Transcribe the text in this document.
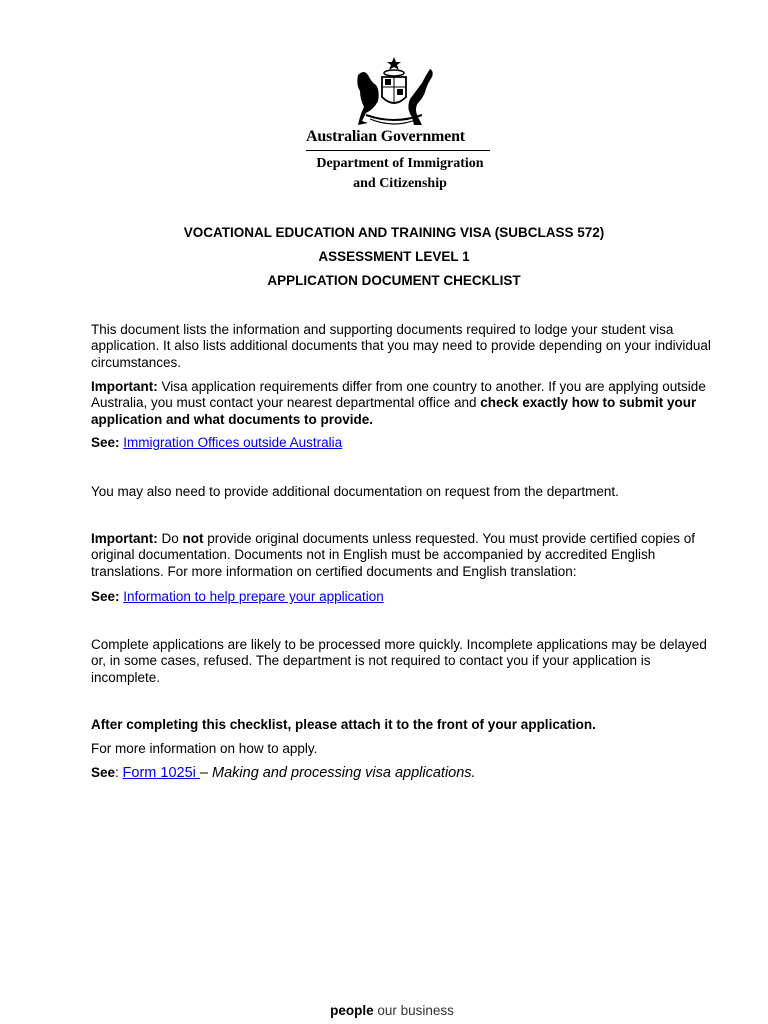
Australian Government
Department of Immigration
and Citizenship
VOCATIONAL EDUCATION AND TRAINING VISA (SUBCLASS 572)
ASSESSMENT LEVEL 1
APPLICATION DOCUMENT CHECKLIST
This document lists the information and supporting documents required to lodge your student visa application. It also lists additional documents that you may need to provide depending on your individual circumstances.
Important: Visa application requirements differ from one country to another. If you are applying outside Australia, you must contact your nearest departmental office and check exactly how to submit your application and what documents to provide.
See: Immigration Offices outside Australia
You may also need to provide additional documentation on request from the department.
Important: Do not provide original documents unless requested. You must provide certified copies of original documentation. Documents not in English must be accompanied by accredited English translations. For more information on certified documents and English translation:
See: Information to help prepare your application
Complete applications are likely to be processed more quickly. Incomplete applications may be delayed or, in some cases, refused. The department is not required to contact you if your application is incomplete.
After completing this checklist, please attach it to the front of your application.
For more information on how to apply.
See: Form 1025i – Making and processing visa applications.
people our business
